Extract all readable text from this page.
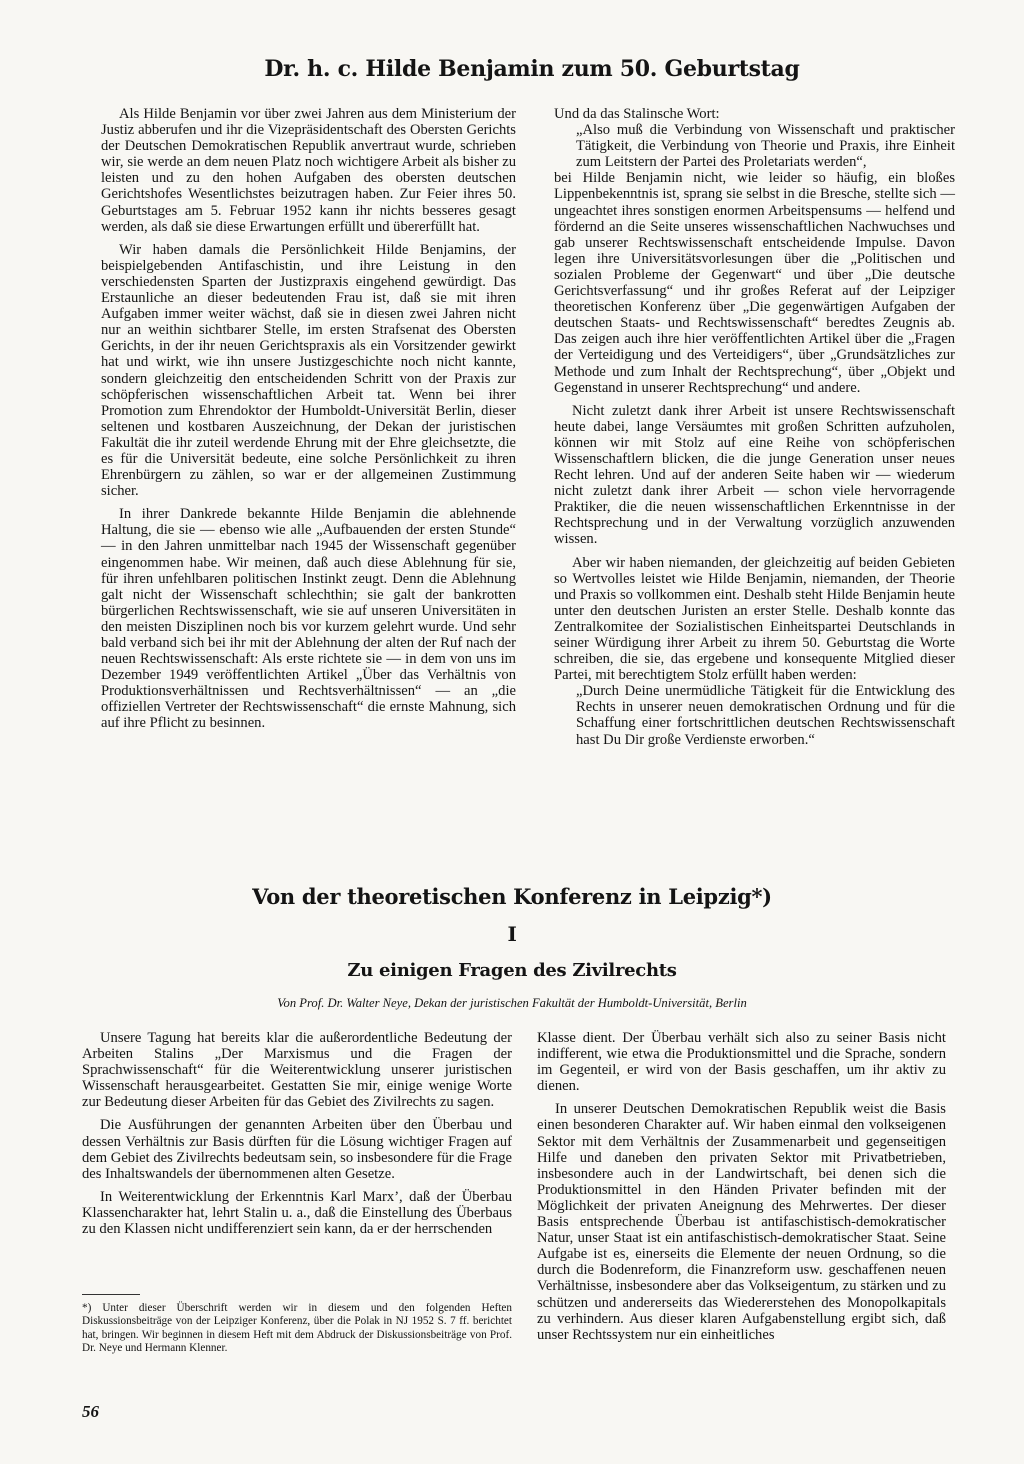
Dr. h. c. Hilde Benjamin zum 50. Geburtstag

Als Hilde Benjamin vor über zwei Jahren aus dem Ministerium der Justiz abberufen und ihr die Vizepräsidentschaft des Obersten Gerichts der Deutschen Demokratischen Republik anvertraut wurde, schrieben wir, sie werde an dem neuen Platz noch wichtigere Arbeit als bisher zu leisten und zu den hohen Aufgaben des obersten deutschen Gerichtshofes Wesentlichstes beizutragen haben. Zur Feier ihres 50. Geburtstages am 5. Februar 1952 kann ihr nichts besseres gesagt werden, als daß sie diese Erwartungen erfüllt und übererfüllt hat.

Wir haben damals die Persönlichkeit Hilde Benjamins, der beispielgebenden Antifaschistin, und ihre Leistung in den verschiedensten Sparten der Justizpraxis eingehend gewürdigt. Das Erstaunliche an dieser bedeutenden Frau ist, daß sie mit ihren Aufgaben immer weiter wächst, daß sie in diesen zwei Jahren nicht nur an weithin sichtbarer Stelle, im ersten Strafsenat des Obersten Gerichts, in der ihr neuen Gerichtspraxis als ein Vorsitzender gewirkt hat und wirkt, wie ihn unsere Justizgeschichte noch nicht kannte, sondern gleichzeitig den entscheidenden Schritt von der Praxis zur schöpferischen wissenschaftlichen Arbeit tat. Wenn bei ihrer Promotion zum Ehrendoktor der Humboldt-Universität Berlin, dieser seltenen und kostbaren Auszeichnung, der Dekan der juristischen Fakultät die ihr zuteil werdende Ehrung mit der Ehre gleichsetzte, die es für die Universität bedeute, eine solche Persönlichkeit zu ihren Ehrenbürgern zu zählen, so war er der allgemeinen Zustimmung sicher.

In ihrer Dankrede bekannte Hilde Benjamin die ablehnende Haltung, die sie — ebenso wie alle „Aufbauenden der ersten Stunde“ — in den Jahren unmittelbar nach 1945 der Wissenschaft gegenüber eingenommen habe. Wir meinen, daß auch diese Ablehnung für sie, für ihren unfehlbaren politischen Instinkt zeugt. Denn die Ablehnung galt nicht der Wissenschaft schlechthin; sie galt der bankrotten bürgerlichen Rechtswissenschaft, wie sie auf unseren Universitäten in den meisten Disziplinen noch bis vor kurzem gelehrt wurde. Und sehr bald verband sich bei ihr mit der Ablehnung der alten der Ruf nach der neuen Rechtswissenschaft: Als erste richtete sie — in dem von uns im Dezember 1949 veröffentlichten Artikel „Über das Verhältnis von Produktionsverhältnissen und Rechtsverhältnissen“ — an „die offiziellen Vertreter der Rechtswissenschaft“ die ernste Mahnung, sich auf ihre Pflicht zu besinnen.

Und da das Stalinsche Wort:

„Also muß die Verbindung von Wissenschaft und praktischer Tätigkeit, die Verbindung von Theorie und Praxis, ihre Einheit zum Leitstern der Partei des Proletariats werden“,

bei Hilde Benjamin nicht, wie leider so häufig, ein bloßes Lippenbekenntnis ist, sprang sie selbst in die Bresche, stellte sich — ungeachtet ihres sonstigen enormen Arbeitspensums — helfend und fördernd an die Seite unseres wissenschaftlichen Nachwuchses und gab unserer Rechtswissenschaft entscheidende Impulse. Davon legen ihre Universitätsvorlesungen über die „Politischen und sozialen Probleme der Gegenwart“ und über „Die deutsche Gerichtsverfassung“ und ihr großes Referat auf der Leipziger theoretischen Konferenz über „Die gegenwärtigen Aufgaben der deutschen Staats- und Rechtswissenschaft“ beredtes Zeugnis ab. Das zeigen auch ihre hier veröffentlichten Artikel über die „Fragen der Verteidigung und des Verteidigers“, über „Grundsätzliches zur Methode und zum Inhalt der Rechtsprechung“, über „Objekt und Gegenstand in unserer Rechtsprechung“ und andere.

Nicht zuletzt dank ihrer Arbeit ist unsere Rechtswissenschaft heute dabei, lange Versäumtes mit großen Schritten aufzuholen, können wir mit Stolz auf eine Reihe von schöpferischen Wissenschaftlern blicken, die die junge Generation unser neues Recht lehren. Und auf der anderen Seite haben wir — wiederum nicht zuletzt dank ihrer Arbeit — schon viele hervorragende Praktiker, die die neuen wissenschaftlichen Erkenntnisse in der Rechtsprechung und in der Verwaltung vorzüglich anzuwenden wissen.

Aber wir haben niemanden, der gleichzeitig auf beiden Gebieten so Wertvolles leistet wie Hilde Benjamin, niemanden, der Theorie und Praxis so vollkommen eint. Deshalb steht Hilde Benjamin heute unter den deutschen Juristen an erster Stelle. Deshalb konnte das Zentralkomitee der Sozialistischen Einheitspartei Deutschlands in seiner Würdigung ihrer Arbeit zu ihrem 50. Geburtstag die Worte schreiben, die sie, das ergebene und konsequente Mitglied dieser Partei, mit berechtigtem Stolz erfüllt haben werden:

„Durch Deine unermüdliche Tätigkeit für die Entwicklung des Rechts in unserer neuen demokratischen Ordnung und für die Schaffung einer fortschrittlichen deutschen Rechtswissenschaft hast Du Dir große Verdienste erworben.“

Von der theoretischen Konferenz in Leipzig*)
I
Zu einigen Fragen des Zivilrechts
Von Prof. Dr. Walter Neye, Dekan der juristischen Fakultät der Humboldt-Universität, Berlin

Unsere Tagung hat bereits klar die außerordentliche Bedeutung der Arbeiten Stalins „Der Marxismus und die Fragen der Sprachwissenschaft“ für die Weiterentwicklung unserer juristischen Wissenschaft herausgearbeitet. Gestatten Sie mir, einige wenige Worte zur Bedeutung dieser Arbeiten für das Gebiet des Zivilrechts zu sagen.

Die Ausführungen der genannten Arbeiten über den Überbau und dessen Verhältnis zur Basis dürften für die Lösung wichtiger Fragen auf dem Gebiet des Zivilrechts bedeutsam sein, so insbesondere für die Frage des Inhaltswandels der übernommenen alten Gesetze.

In Weiterentwicklung der Erkenntnis Karl Marx’, daß der Überbau Klassencharakter hat, lehrt Stalin u. a., daß die Einstellung des Überbaus zu den Klassen nicht undifferenziert sein kann, da er der herrschenden

Klasse dient. Der Überbau verhält sich also zu seiner Basis nicht indifferent, wie etwa die Produktionsmittel und die Sprache, sondern im Gegenteil, er wird von der Basis geschaffen, um ihr aktiv zu dienen.

In unserer Deutschen Demokratischen Republik weist die Basis einen besonderen Charakter auf. Wir haben einmal den volkseigenen Sektor mit dem Verhältnis der Zusammenarbeit und gegenseitigen Hilfe und daneben den privaten Sektor mit Privatbetrieben, insbesondere auch in der Landwirtschaft, bei denen sich die Produktionsmittel in den Händen Privater befinden mit der Möglichkeit der privaten Aneignung des Mehrwertes. Der dieser Basis entsprechende Überbau ist antifaschistisch-demokratischer Natur, unser Staat ist ein antifaschistisch-demokratischer Staat. Seine Aufgabe ist es, einerseits die Elemente der neuen Ordnung, so die durch die Bodenreform, die Finanzreform usw. geschaffenen neuen Verhältnisse, insbesondere aber das Volkseigentum, zu stärken und zu schützen und andererseits das Wiedererstehen des Monopolkapitals zu verhindern. Aus dieser klaren Aufgabenstellung ergibt sich, daß unser Rechtssystem nur ein einheitliches

*) Unter dieser Überschrift werden wir in diesem und den folgenden Heften Diskussionsbeiträge von der Leipziger Konferenz, über die Polak in NJ 1952 S. 7 ff. berichtet hat, bringen. Wir beginnen in diesem Heft mit dem Abdruck der Diskussionsbeiträge von Prof. Dr. Neye und Hermann Klenner.
56
